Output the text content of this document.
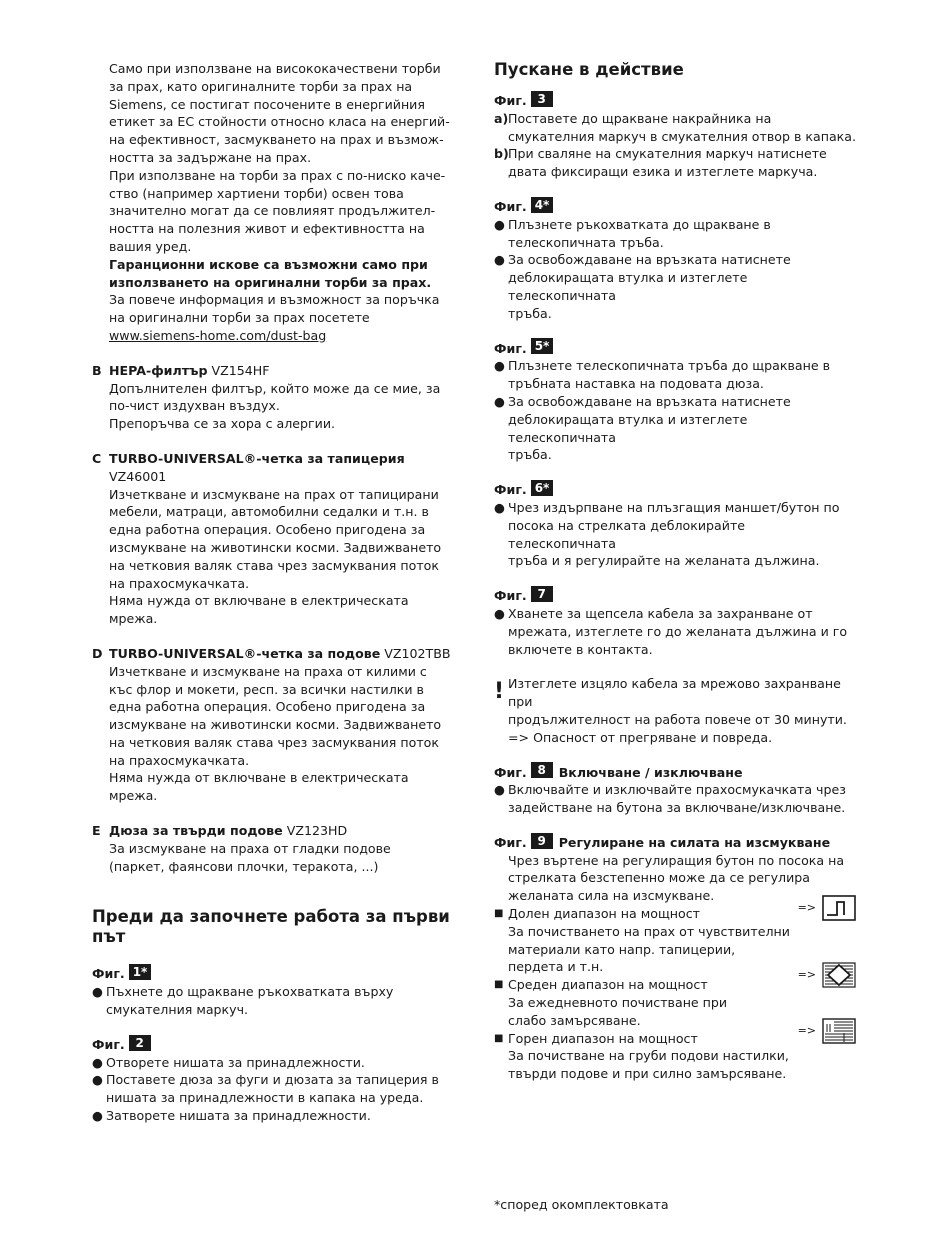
Само при използване на висококачествени торби

за прах, като оригиналните торби за прах на

Siemens, се постигат посочените в енергийния

етикет за ЕС стойности относно класа на енергий-

на ефективност, засмукването на прах и възмож-

ността за задържане на прах.

При използване на торби за прах с по-ниско каче-

ство (например хартиени торби) освен това

значително могат да се повлияят продължител-

ността на полезния живот и ефективността на

вашия уред.

Гаранционни искове са възможни само при

използването на оригинални торби за прах.

За повече информация и възможност за поръчка

на оригинални торби за прах посетете

www.siemens-home.com/dust-bag

B HEPA-филтър VZ154HF

Допълнителен филтър, който може да се мие, за

по-чист издухван въздух.

Препоръчва се за хора с алергии.

C TURBO-UNIVERSAL®-четка за тапицерия VZ46001

Изчеткване и изсмукване на прах от тапицирани

мебели, матраци, автомобилни седалки и т.н. в

една работна операция. Особено пригодена за

изсмукване на животински косми. Задвижването

на четковия валяк става чрез засмуквания поток

на прахосмукачката.

Няма нужда от включване в електрическата мрежа.

D TURBO-UNIVERSAL®-четка за подове VZ102TBB

Изчеткване и изсмукване на праха от килими с

къс флор и мокети, респ. за всички настилки в

една работна операция. Особено пригодена за

изсмукване на животински косми. Задвижването

на четковия валяк става чрез засмуквания поток

на прахосмукачката.

Няма нужда от включване в електрическата мрежа.

E Дюза за твърди подове VZ123HD

За изсмукване на праха от гладки подове

(паркет, фаянсови плочки, теракота, ...)

Преди да започнете работа за първи
път
Фиг. 1*
● Пъхнете до щракване ръкохватката върху
смукателния маркуч.
Фиг. 2
● Отворете нишата за принадлежности.
● Поставете дюза за фуги и дюзата за тапицерия в
нишата за принадлежности в капака на уреда.
● Затворете нишата за принадлежности.
Пускане в действие
Фиг. 3
a) Поставете до щракване накрайника на
смукателния маркуч в смукателния отвор в капака.
b) При сваляне на смукателния маркуч натиснете
двата фиксиращи езика и изтеглете маркуча.
Фиг. 4*
● Плъзнете ръкохватката до щракване в
телескопичната тръба.
● За освобождаване на връзката натиснете
деблокиращата втулка и изтеглете телескопичната
тръба.
Фиг. 5*
● Плъзнете телескопичната тръба до щракване в
тръбната наставка на подовата дюза.
● За освобождаване на връзката натиснете
деблокиращата втулка и изтеглете телескопичната
тръба.
Фиг. 6*
● Чрез издърпване на плъзгащия маншет/бутон по
посока на стрелката деблокирайте телескопичната
тръба и я регулирайте на желаната дължина.
Фиг. 7
● Хванете за щепсела кабела за захранване от
мрежата, изтеглете го до желаната дължина и го
включете в контакта.
! Изтеглете изцяло кабела за мрежово захранване при
продължителност на работа повече от 30 минути.
=> Опасност от прегряване и повреда.
Фиг. 8	Включване / изключване
● Включвайте и изключвайте прахосмукачката чрез
задействане на бутона за включване/изключване.
Фиг. 9	Регулиране на силата на изсмукване

Чрез въртене на регулиращия бутон по посока на

стрелката безстепенно може да се регулира

желаната сила на изсмукване.

■ Долен диапазон на мощност
За почистването на прах от чувствителни
материали като напр. тапицерии,
пердета и т.н.
=>
■ Среден диапазон на мощност
За ежедневното почистване при
слабо замърсяване.
=>
■ Горен диапазон на мощност
За почистване на груби подови настилки,
твърди подове и при силно замърсяване.
=>
*според окомплектовката
